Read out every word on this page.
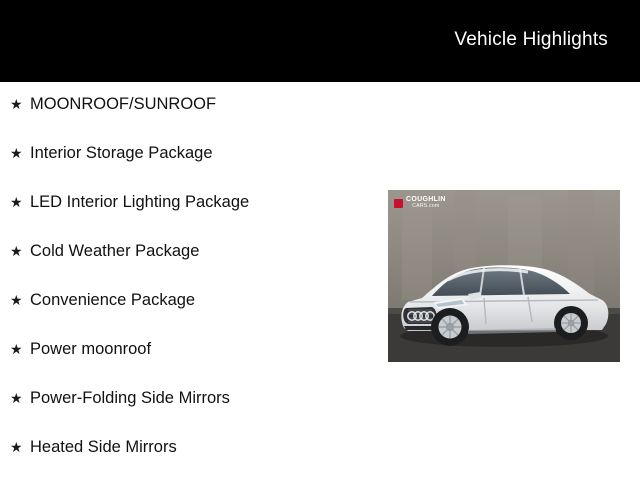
Vehicle Highlights
★ MOONROOF/SUNROOF
★ Interior Storage Package
★ LED Interior Lighting Package
★ Cold Weather Package
★ Convenience Package
★ Power moonroof
★ Power-Folding Side Mirrors
★ Heated Side Mirrors
COUGHLIN
CARS.com
